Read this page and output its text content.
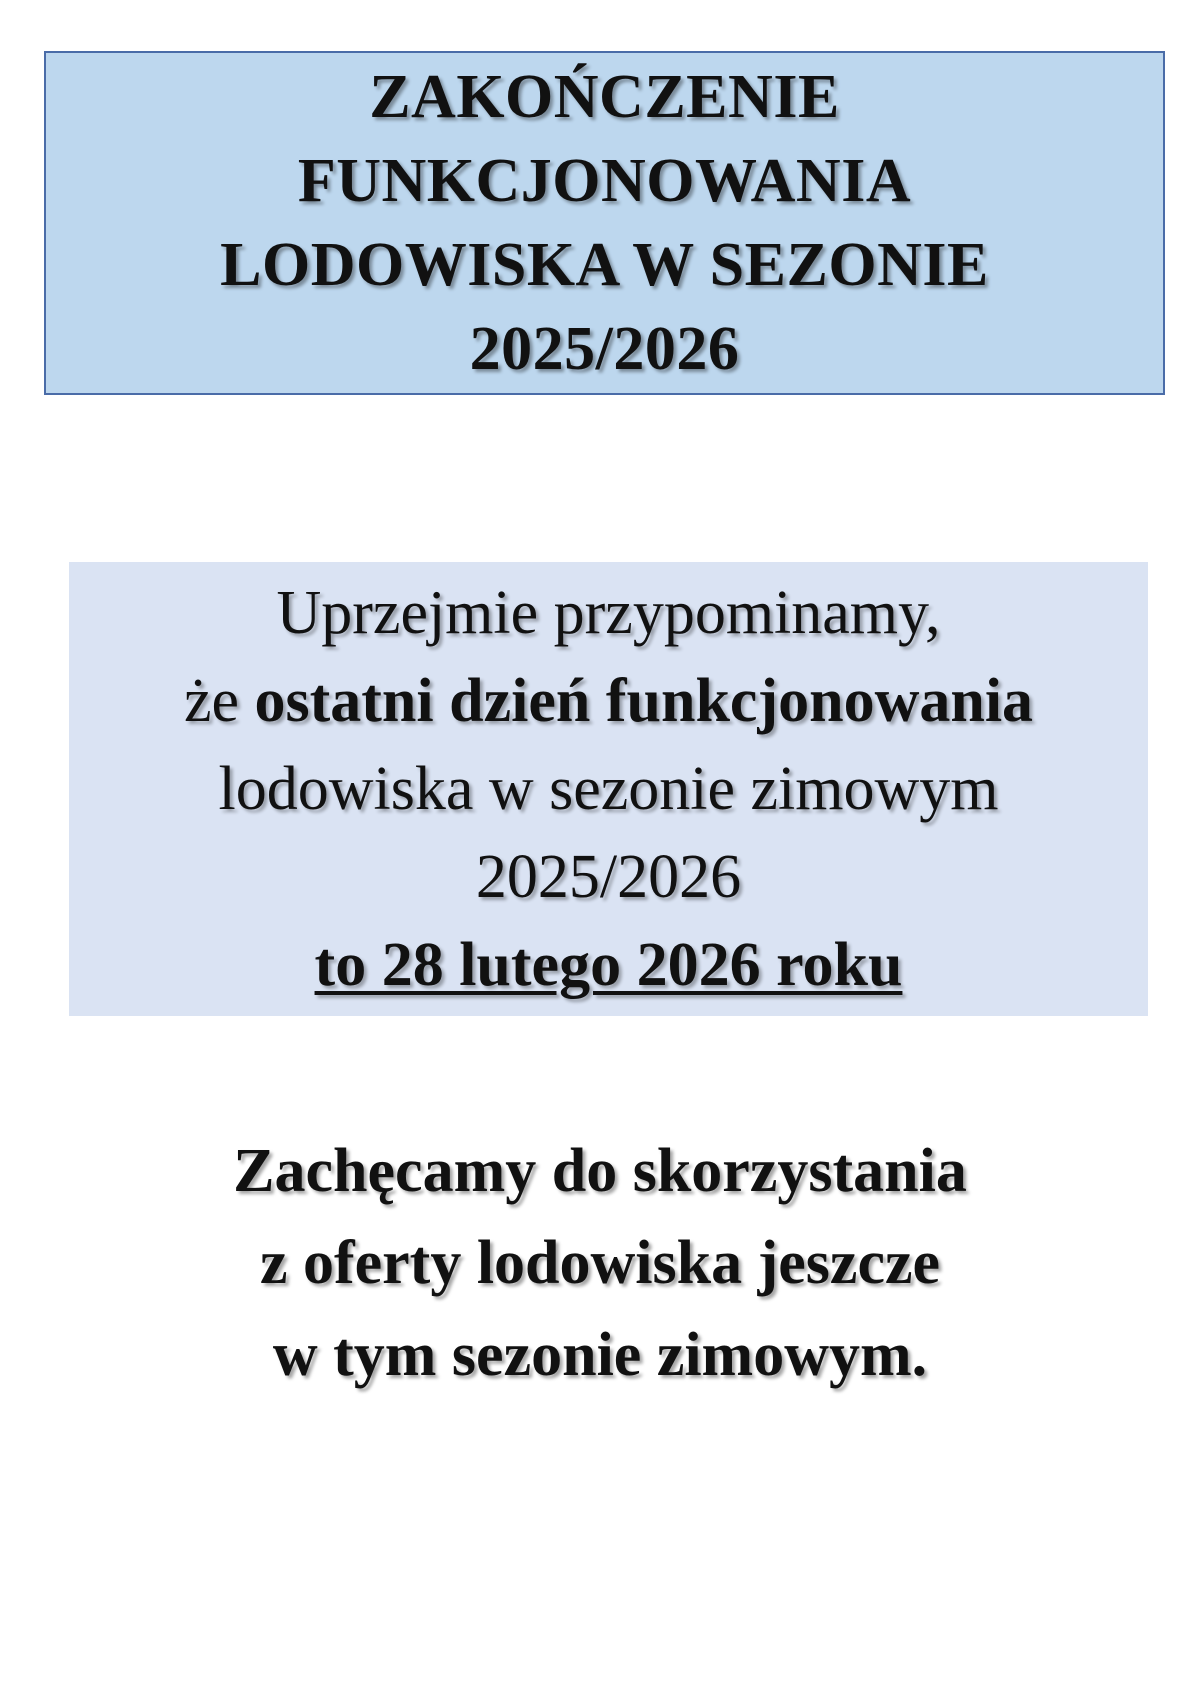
ZAKOŃCZENIE
FUNKCJONOWANIA
LODOWISKA W SEZONIE
2025/2026
Uprzejmie przypominamy,
że ostatni dzień funkcjonowania
lodowiska w sezonie zimowym
2025/2026
to 28 lutego 2026 roku
Zachęcamy do skorzystania
z oferty lodowiska jeszcze
w tym sezonie zimowym.
